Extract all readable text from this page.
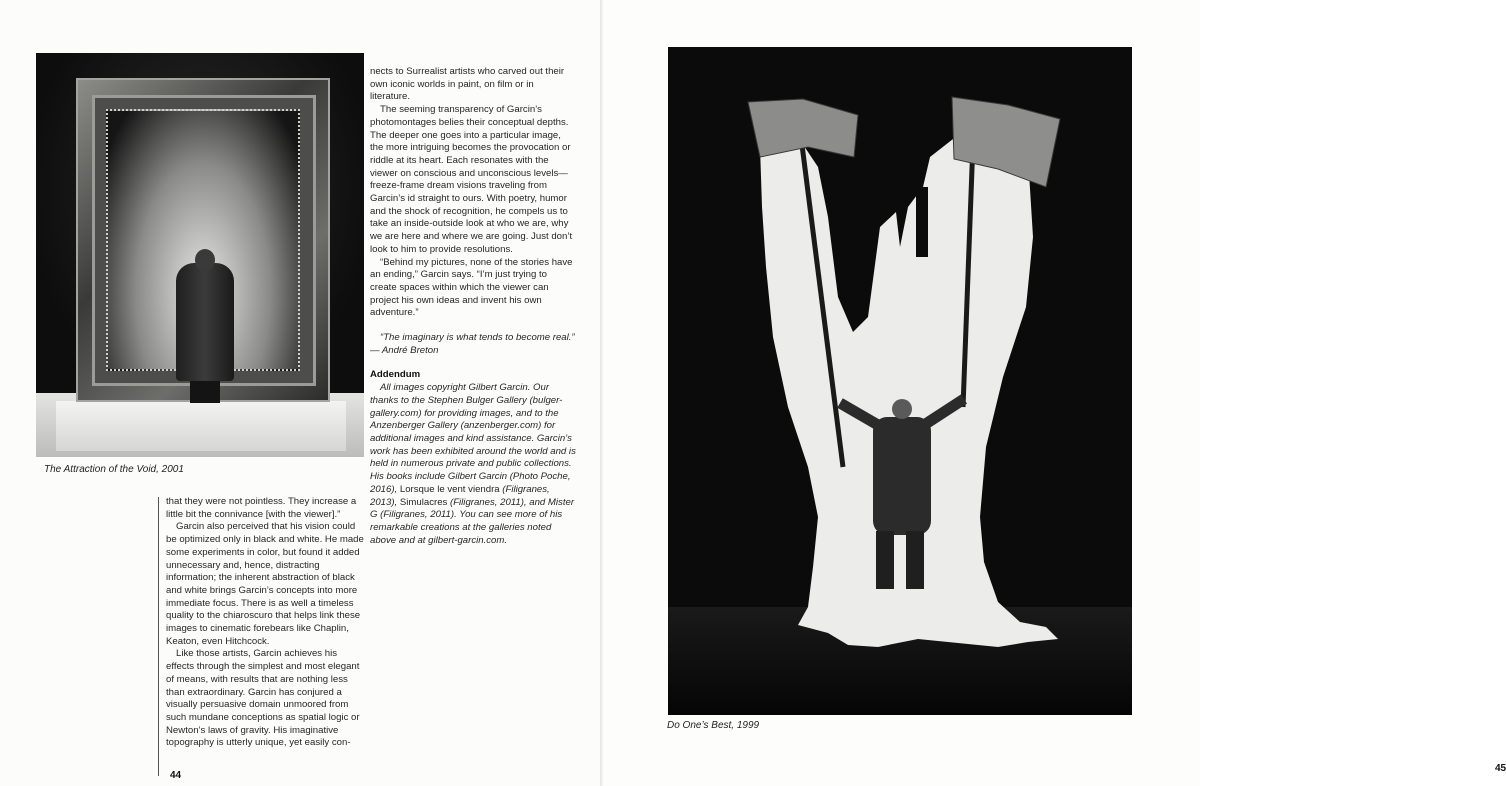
The Attraction of the Void, 2001

that they were not pointless. They increase a little bit the connivance [with the viewer].”

Garcin also perceived that his vision could be optimized only in black and white. He made some experiments in color, but found it added unnecessary and, hence, distracting information; the inherent abstraction of black and white brings Garcin’s concepts into more immediate focus. There is as well a timeless quality to the chiaroscuro that helps link these images to cinematic forebears like Chaplin, Keaton, even Hitchcock.

Like those artists, Garcin achieves his effects through the simplest and most elegant of means, with results that are nothing less than extraordinary. Garcin has conjured a visually persuasive domain unmoored from such mundane conceptions as spatial logic or Newton’s laws of gravity. His imaginative topography is utterly unique, yet easily con-

nects to Surrealist artists who carved out their own iconic worlds in paint, on film or in literature.

The seeming transparency of Garcin’s photomontages belies their conceptual depths. The deeper one goes into a particular image, the more intriguing becomes the provocation or riddle at its heart. Each resonates with the viewer on conscious and unconscious levels—freeze-frame dream visions traveling from Garcin’s id straight to ours. With poetry, humor and the shock of recognition, he compels us to take an inside-outside look at who we are, why we are here and where we are going. Just don’t look to him to provide resolutions.

“Behind my pictures, none of the stories have an ending,” Garcin says. “I’m just trying to create spaces within which the viewer can project his own ideas and invent his own adventure.”

“The imaginary is what tends to become real.” — André Breton

Addendum

All images copyright Gilbert Garcin. Our thanks to the Stephen Bulger Gallery (bulger-gallery.com) for providing images, and to the Anzenberger Gallery (anzenberger.com) for additional images and kind assistance. Garcin’s work has been exhibited around the world and is held in numerous private and public collections. His books include Gilbert Garcin (Photo Poche, 2016), Lorsque le vent viendra (Filigranes, 2013), Simulacres (Filigranes, 2011), and Mister G (Filigranes, 2011). You can see more of his remarkable creations at the galleries noted above and at gilbert-garcin.com.

44
45
Do One’s Best, 1999
